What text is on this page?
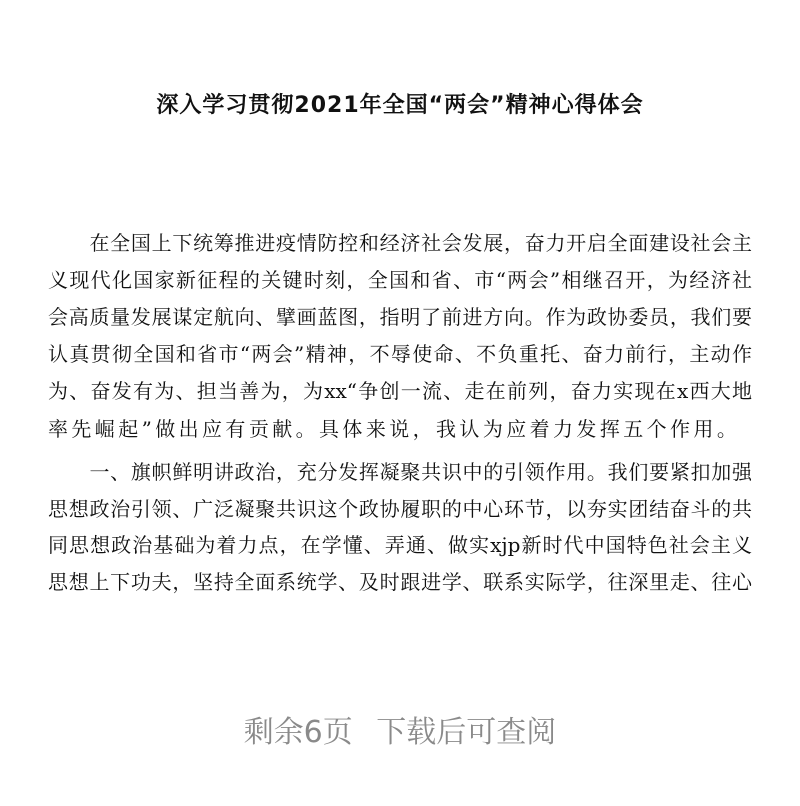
深入学习贯彻2021年全国“两会”精神心得体会
　　在全国上下统筹推进疫情防控和经济社会发展，奋力开启全面建设社会主
义现代化国家新征程的关键时刻，全国和省、市“两会”相继召开，为经济社
会高质量发展谋定航向、擘画蓝图，指明了前进方向。作为政协委员，我们要
认真贯彻全国和省市“两会”精神，不辱使命、不负重托、奋力前行，主动作
为、奋发有为、担当善为，为xx“争创一流、走在前列，奋力实现在x西大地
率先崛起”做出应有贡献。具体来说，我认为应着力发挥五个作用。
　　一、旗帜鲜明讲政治，充分发挥凝聚共识中的引领作用。我们要紧扣加强
思想政治引领、广泛凝聚共识这个政协履职的中心环节，以夯实团结奋斗的共
同思想政治基础为着力点，在学懂、弄通、做实xjp新时代中国特色社会主义
思想上下功夫，坚持全面系统学、及时跟进学、联系实际学，往深里走、往心
剩余6页 下载后可查阅
